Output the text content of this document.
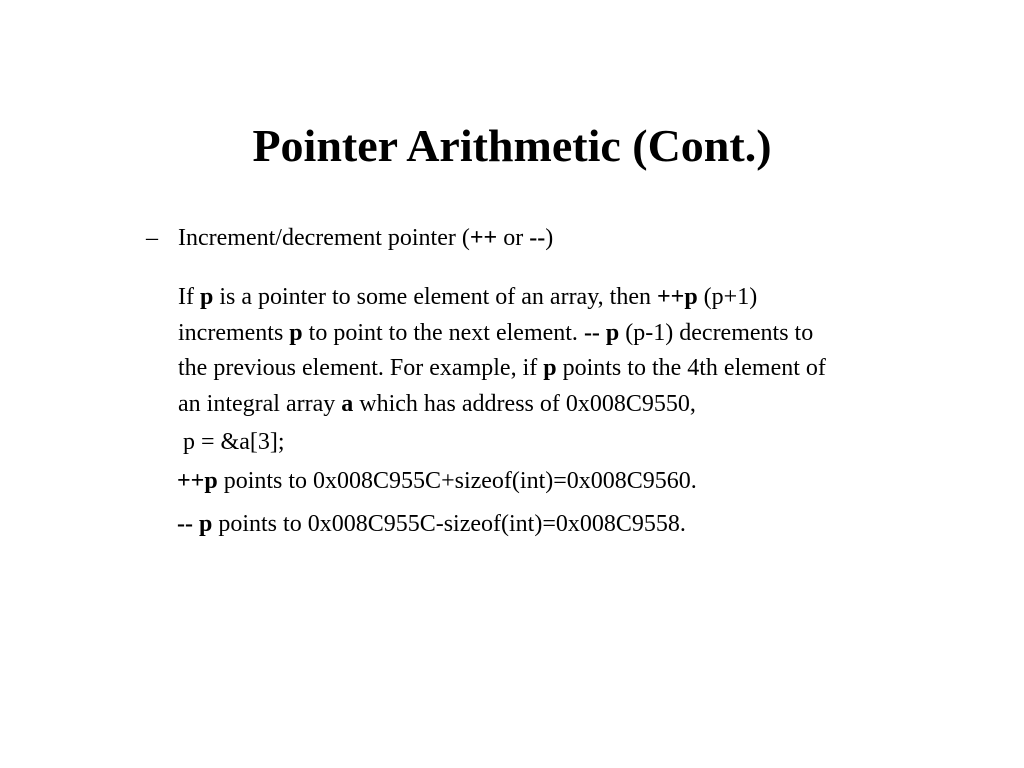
Pointer Arithmetic (Cont.)
– Increment/decrement pointer (++ or --)
If p is a pointer to some element of an array, then ++p (p+1)
increments p to point to the next element. -- p (p-1) decrements to
the previous element. For example, if p points to the 4th element of
an integral array a which has address of 0x008C9550,
p = &a[3];
++p points to 0x008C955C+sizeof(int)=0x008C9560.
-- p points to 0x008C955C-sizeof(int)=0x008C9558.
